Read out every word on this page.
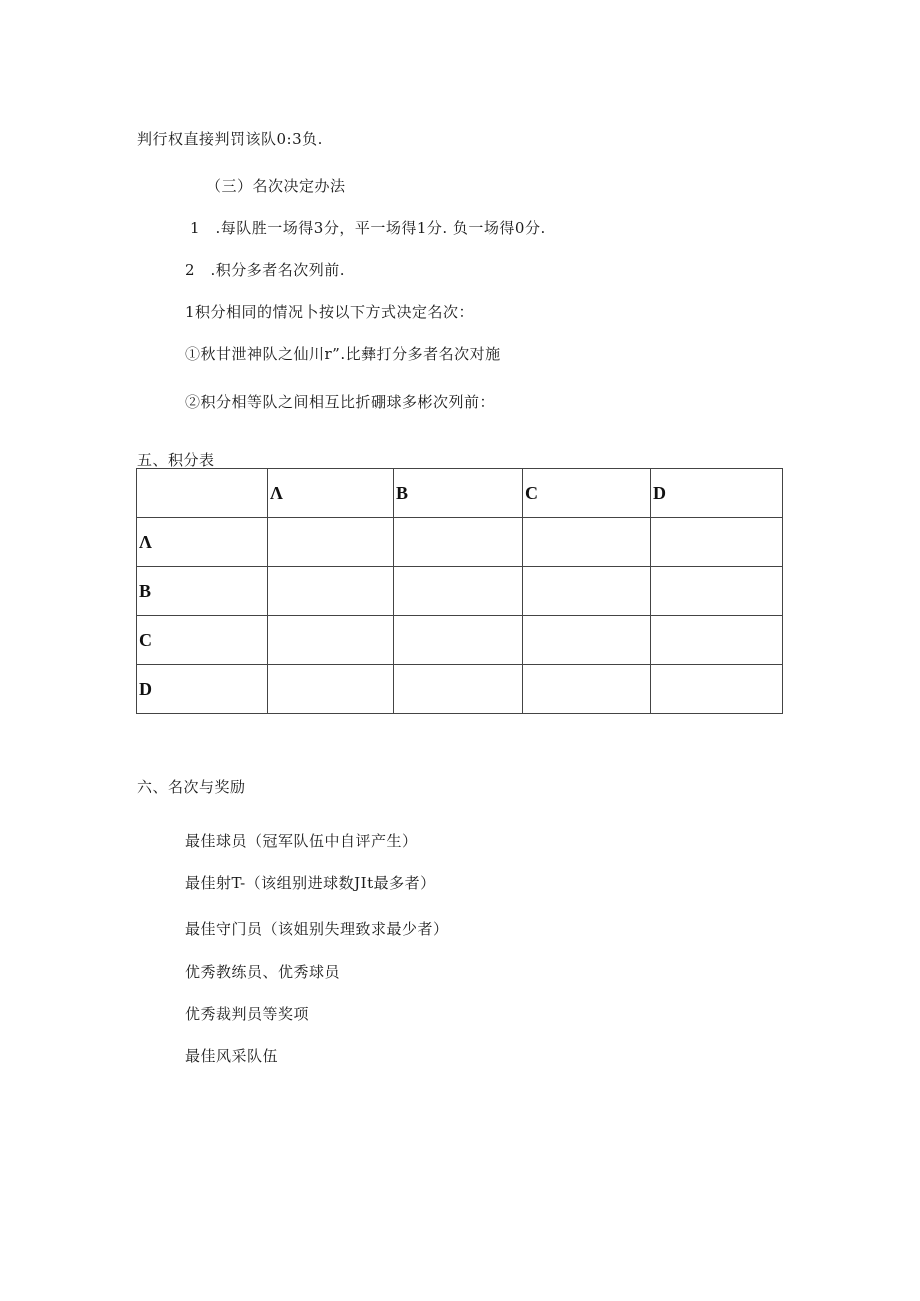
判行权直接判罚该队0:3负.
（三）名次决定办法
1　.每队胜一场得3分，平一场得1分. 负一场得0分.
2　.积分多者名次列前.
1积分相同的情况卜按以下方式决定名次：
①秋甘泄神队之仙川r”.比彝打分多者名次对施
②积分相等队之间相互比折硼球多彬次列前：
五、积分表
	Λ	B	C	D
Λ				
B				
C				
D				
六、名次与奖励
最佳球员（冠军队伍中自评产生）
最佳射T-（该组别进球数JIt最多者）
最佳守门员（该姐别失理致求最少者）
优秀教练员、优秀球员
优秀裁判员等奖项
最佳风采队伍
